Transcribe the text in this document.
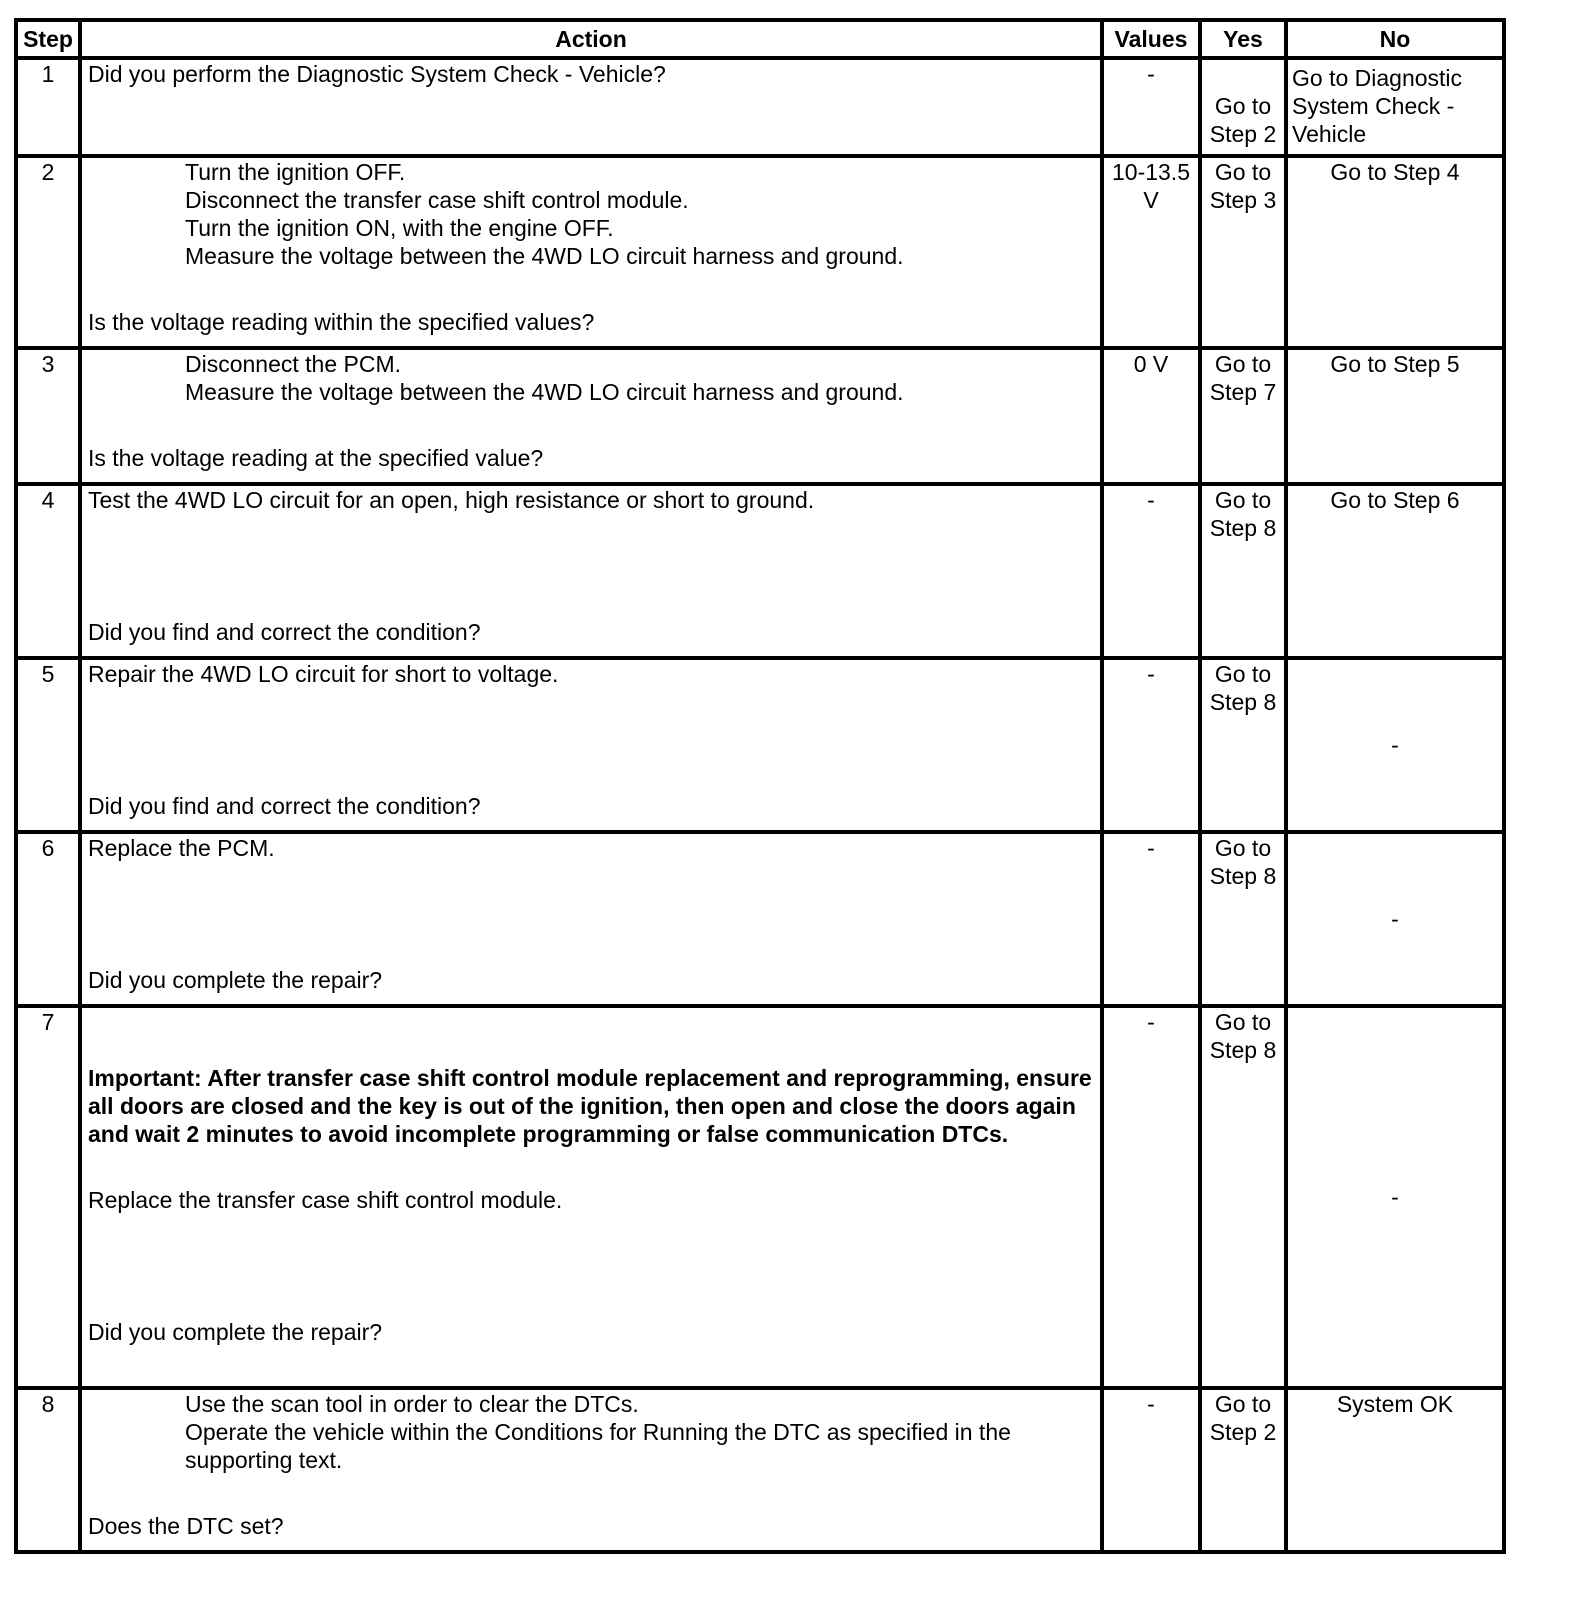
Step	Action	Values	Yes	No
1	Did you perform the Diagnostic System Check - Vehicle?	-	Go to Step 2	Go to Diagnostic System Check - Vehicle
2	Turn the ignition OFF.
Disconnect the transfer case shift control module.
Turn the ignition ON, with the engine OFF.
Measure the voltage between the 4WD LO circuit harness and ground.
Is the voltage reading within the specified values?	10-13.5 V	Go to Step 3	Go to Step 4
3	Disconnect the PCM.
Measure the voltage between the 4WD LO circuit harness and ground.
Is the voltage reading at the specified value?	0 V	Go to Step 7	Go to Step 5
4	Test the 4WD LO circuit for an open, high resistance or short to ground.
Did you find and correct the condition?	-	Go to Step 8	Go to Step 6
5	Repair the 4WD LO circuit for short to voltage.
Did you find and correct the condition?	-	Go to Step 8	-
6	Replace the PCM.
Did you complete the repair?	-	Go to Step 8	-
7	Important: After transfer case shift control module replacement and reprogramming, ensure all doors are closed and the key is out of the ignition, then open and close the doors again and wait 2 minutes to avoid incomplete programming or false communication DTCs.
Replace the transfer case shift control module.
Did you complete the repair?	-	Go to Step 8	-
8	Use the scan tool in order to clear the DTCs.
Operate the vehicle within the Conditions for Running the DTC as specified in the supporting text.
Does the DTC set?	-	Go to Step 2	System OK
